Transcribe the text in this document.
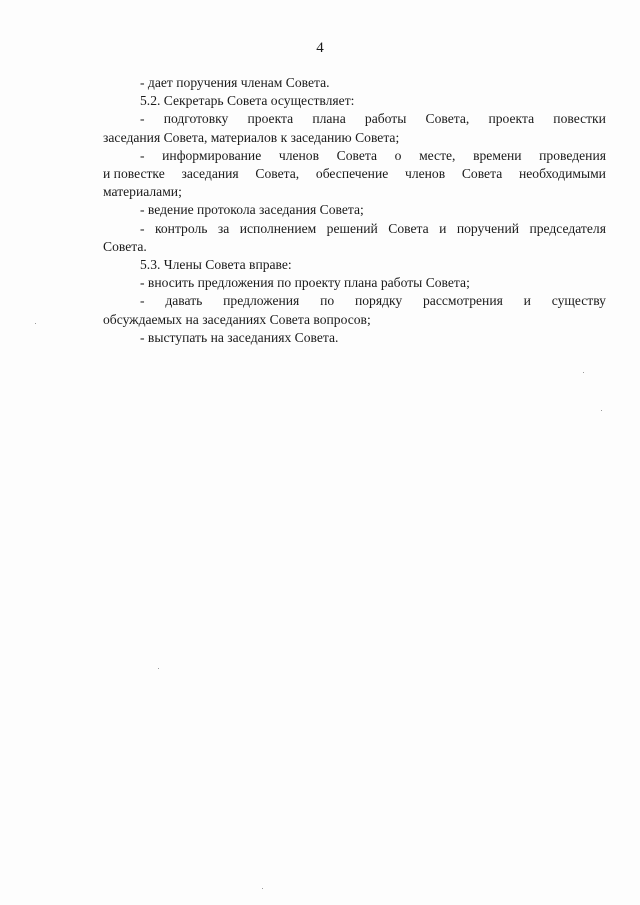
4

- дает поручения членам Совета.

5.2. Секретарь Совета осуществляет:

- подготовку проекта плана работы Совета, проекта повестки

заседания Совета, материалов к заседанию Совета;

- информирование членов Совета о месте, времени проведения
и повестке заседания Совета, обеспечение членов Совета необходимыми

материалами;

- ведение протокола заседания Совета;

- контроль за исполнением решений Совета и поручений председателя

Совета.

5.3. Члены Совета вправе:

- вносить предложения по проекту плана работы Совета;

- давать предложения по порядку рассмотрения и существу

обсуждаемых на заседаниях Совета вопросов;

- выступать на заседаниях Совета.
